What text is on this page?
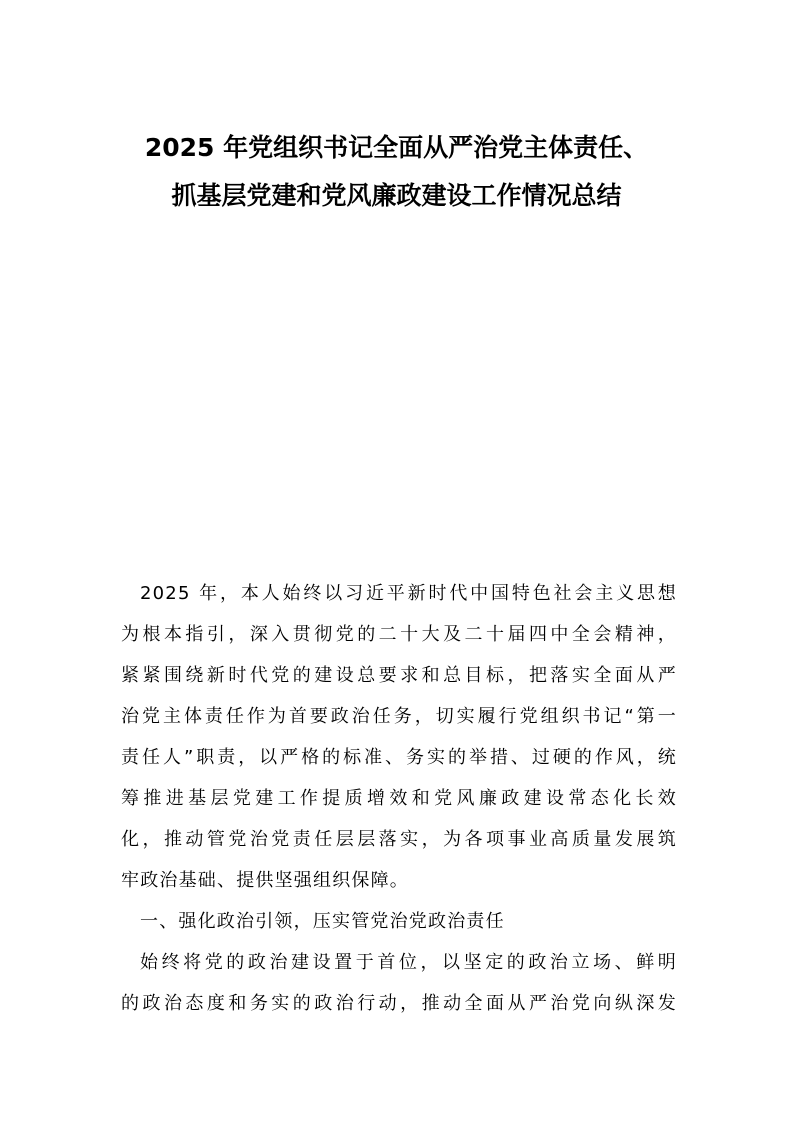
2025 年党组织书记全面从严治党主体责任、
抓基层党建和党风廉政建设工作情况总结
2025 年，本人始终以习近平新时代中国特色社会主义思想
为根本指引，深入贯彻党的二十大及二十届四中全会精神，
紧紧围绕新时代党的建设总要求和总目标，把落实全面从严
治党主体责任作为首要政治任务，切实履行党组织书记“第一
责任人”职责，以严格的标准、务实的举措、过硬的作风，统
筹推进基层党建工作提质增效和党风廉政建设常态化长效
化，推动管党治党责任层层落实，为各项事业高质量发展筑
牢政治基础、提供坚强组织保障。
一、强化政治引领，压实管党治党政治责任
始终将党的政治建设置于首位，以坚定的政治立场、鲜明
的政治态度和务实的政治行动，推动全面从严治党向纵深发
